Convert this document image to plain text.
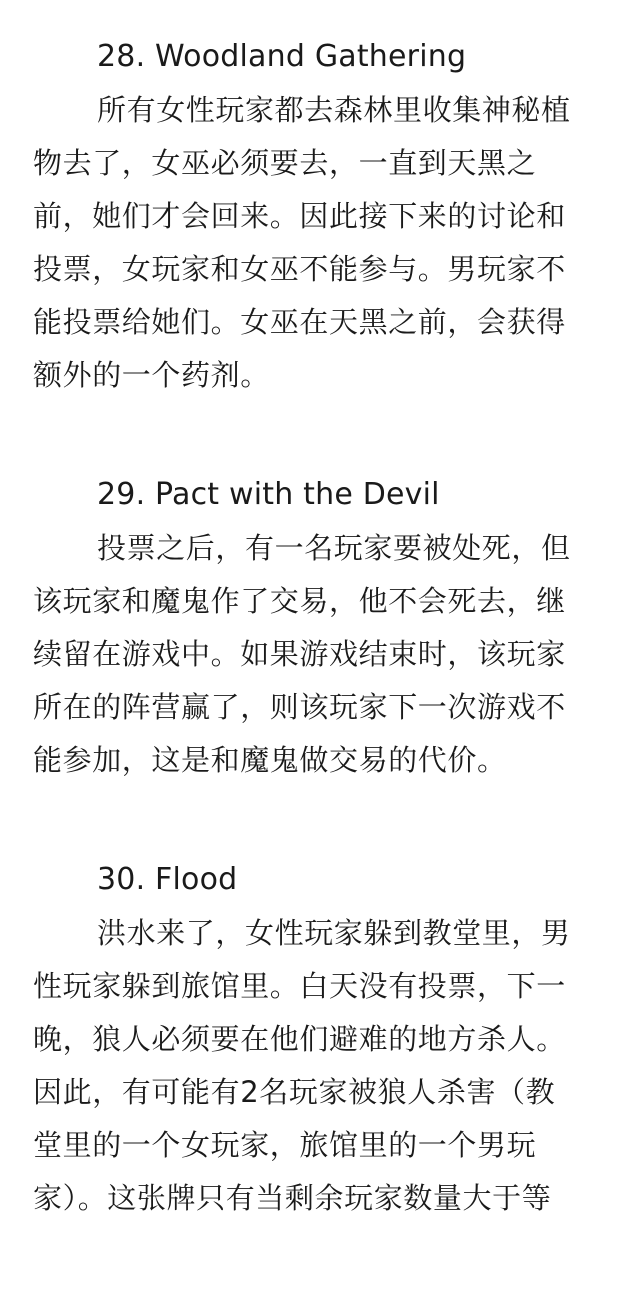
28. Woodland Gathering
所有女性玩家都去森林里收集神秘植
物去了，女巫必须要去，一直到天黑之
前，她们才会回来。因此接下来的讨论和
投票，女玩家和女巫不能参与。男玩家不
能投票给她们。女巫在天黑之前，会获得
额外的一个药剂。
29. Pact with the Devil
投票之后，有一名玩家要被处死，但
该玩家和魔鬼作了交易，他不会死去，继
续留在游戏中。如果游戏结束时，该玩家
所在的阵营赢了，则该玩家下一次游戏不
能参加，这是和魔鬼做交易的代价。
30. Flood
洪水来了，女性玩家躲到教堂里，男
性玩家躲到旅馆里。白天没有投票，下一
晚，狼人必须要在他们避难的地方杀人。
因此，有可能有2名玩家被狼人杀害（教
堂里的一个女玩家，旅馆里的一个男玩
家）。这张牌只有当剩余玩家数量大于等
